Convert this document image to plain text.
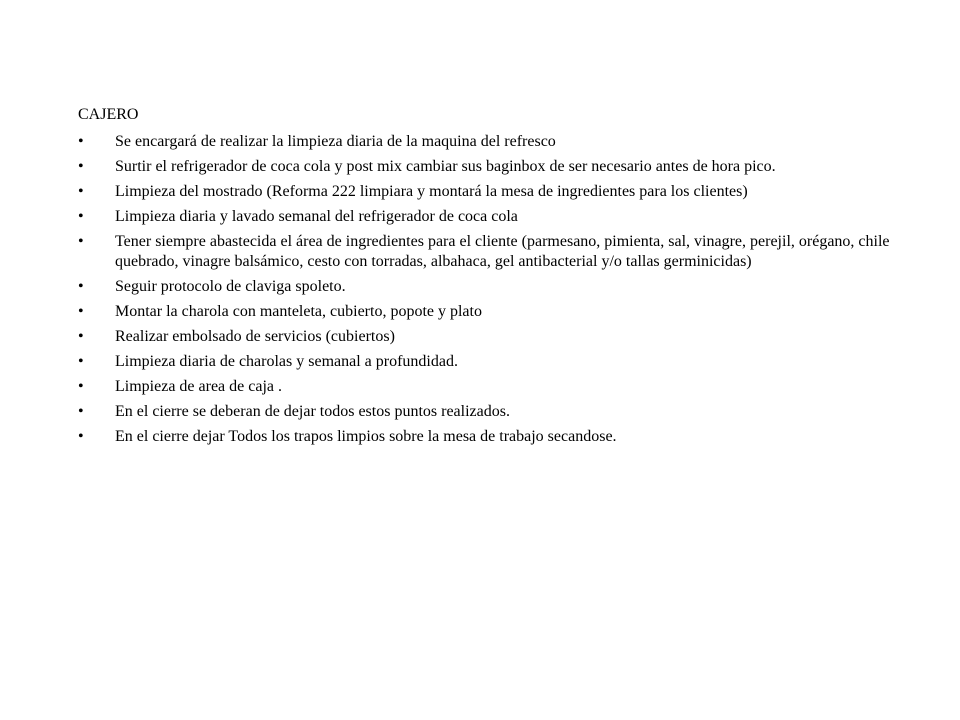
CAJERO
•	Se encargará de realizar la limpieza diaria de la maquina del refresco
•	Surtir el refrigerador de coca cola y post mix cambiar sus baginbox de ser necesario antes de hora pico.
•	Limpieza del mostrado (Reforma 222 limpiara y montará la mesa de ingredientes para los clientes)
•	Limpieza diaria y lavado semanal del refrigerador de coca cola
•	Tener siempre abastecida el área de ingredientes para el cliente (parmesano, pimienta, sal, vinagre, perejil, orégano, chile quebrado, vinagre balsámico, cesto con torradas, albahaca, gel antibacterial y/o tallas germinicidas)
•	Seguir protocolo de claviga spoleto.
•	Montar la charola con manteleta, cubierto, popote y plato
•	Realizar embolsado de servicios (cubiertos)
•	Limpieza diaria de charolas y semanal a profundidad.
•	Limpieza de area de caja .
•	En el cierre se deberan de dejar todos estos puntos realizados.
•	En el cierre dejar Todos los trapos limpios sobre la mesa de trabajo secandose.
